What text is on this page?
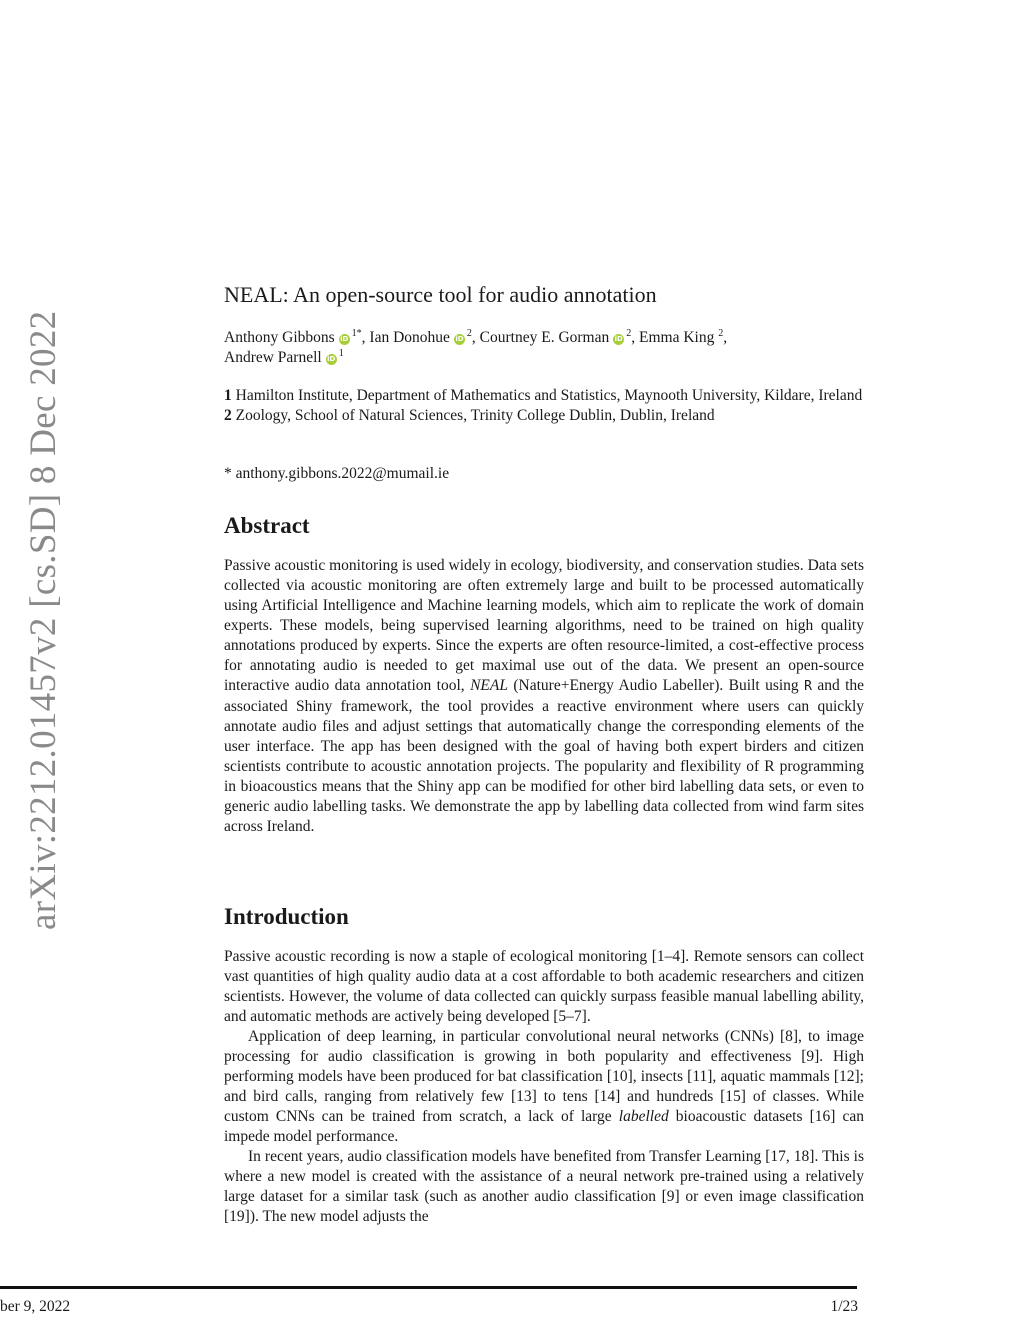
arXiv:2212.01457v2 [cs.SD] 8 Dec 2022
NEAL: An open-source tool for audio annotation
Anthony Gibbons iD $^{1*}$, Ian Donohue iD $^2$, Courtney E. Gorman iD $^2$, Emma King $^2$,
Andrew Parnell iD $^1$
1 Hamilton Institute, Department of Mathematics and Statistics, Maynooth University, Kildare, Ireland
2 Zoology, School of Natural Sciences, Trinity College Dublin, Dublin, Ireland
* anthony.gibbons.2022@mumail.ie
Abstract

Passive acoustic monitoring is used widely in ecology, biodiversity, and conservation studies. Data sets collected via acoustic monitoring are often extremely large and built to be processed automatically using Artificial Intelligence and Machine learning models, which aim to replicate the work of domain experts. These models, being supervised learning algorithms, need to be trained on high quality annotations produced by experts. Since the experts are often resource-limited, a cost-effective process for annotating audio is needed to get maximal use out of the data. We present an open-source interactive audio data annotation tool, NEAL (Nature+Energy Audio Labeller). Built using R and the associated Shiny framework, the tool provides a reactive environment where users can quickly annotate audio files and adjust settings that automatically change the corresponding elements of the user interface. The app has been designed with the goal of having both expert birders and citizen scientists contribute to acoustic annotation projects. The popularity and flexibility of R programming in bioacoustics means that the Shiny app can be modified for other bird labelling data sets, or even to generic audio labelling tasks. We demonstrate the app by labelling data collected from wind farm sites across Ireland.

Introduction

Passive acoustic recording is now a staple of ecological monitoring [1–4]. Remote sensors can collect vast quantities of high quality audio data at a cost affordable to both academic researchers and citizen scientists. However, the volume of data collected can quickly surpass feasible manual labelling ability, and automatic methods are actively being developed [5–7].

Application of deep learning, in particular convolutional neural networks (CNNs) [8], to image processing for audio classification is growing in both popularity and effectiveness [9]. High performing models have been produced for bat classification [10], insects [11], aquatic mammals [12]; and bird calls, ranging from relatively few [13] to tens [14] and hundreds [15] of classes. While custom CNNs can be trained from scratch, a lack of large labelled bioacoustic datasets [16] can impede model performance.

In recent years, audio classification models have benefited from Transfer Learning [17, 18]. This is where a new model is created with the assistance of a neural network pre-trained using a relatively large dataset for a similar task (such as another audio classification [9] or even image classification [19]). The new model adjusts the

ber 9, 2022	1/23
